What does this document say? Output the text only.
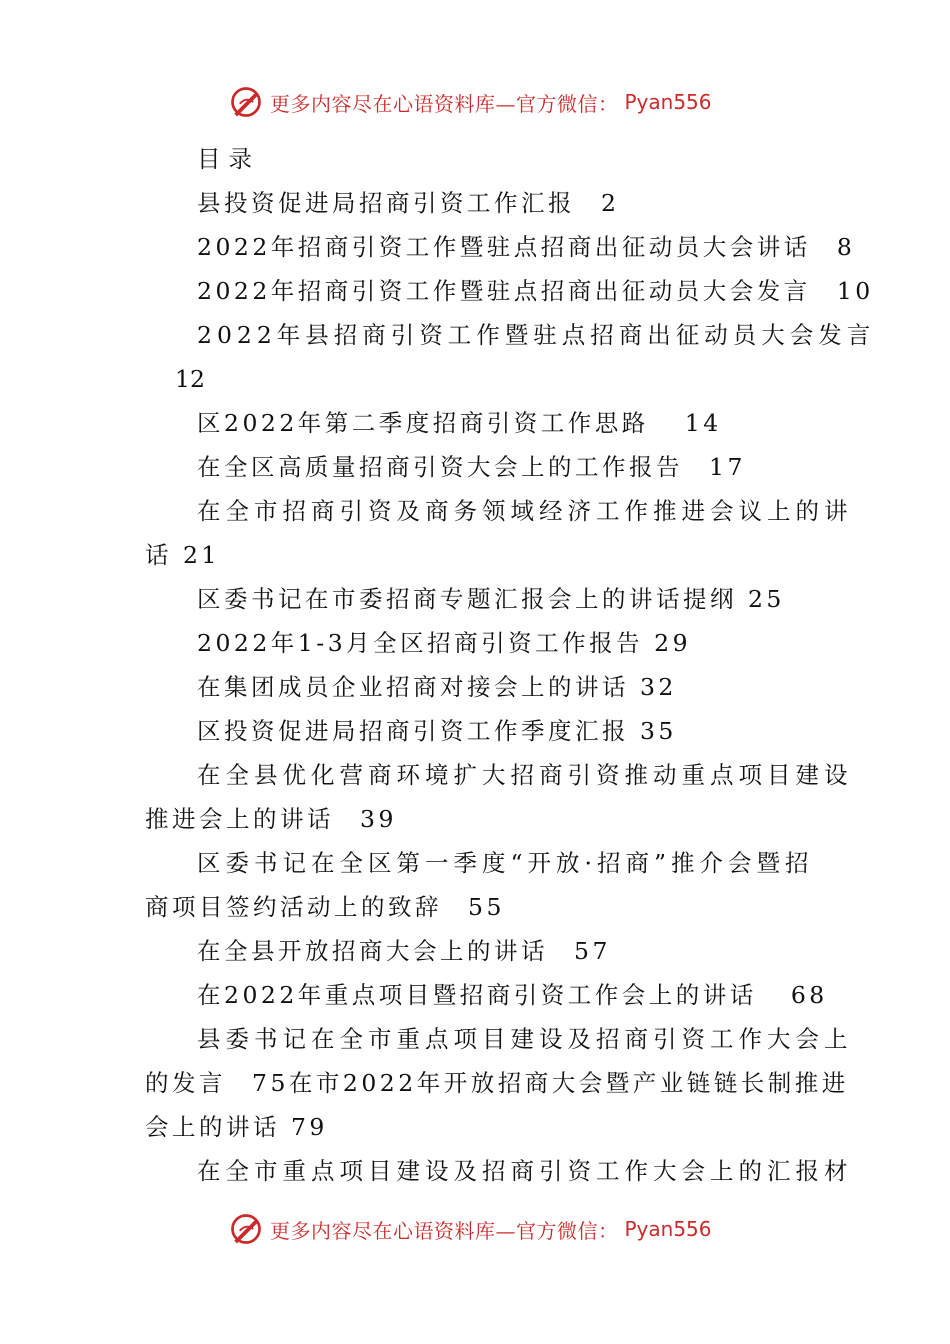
更多内容尽在心语资料库—官方微信： Pyan556
目录
县投资促进局招商引资工作汇报 2
2022年招商引资工作暨驻点招商出征动员大会讲话 8
2022年招商引资工作暨驻点招商出征动员大会发言 10
2022年县招商引资工作暨驻点招商出征动员大会发言
12
区2022年第二季度招商引资工作思路 14
在全区高质量招商引资大会上的工作报告 17
在全市招商引资及商务领域经济工作推进会议上的讲
话 21
区委书记在市委招商专题汇报会上的讲话提纲 25
2022年1-3月全区招商引资工作报告 29
在集团成员企业招商对接会上的讲话 32
区投资促进局招商引资工作季度汇报 35
在全县优化营商环境扩大招商引资推动重点项目建设
推进会上的讲话 39
区委书记在全区第一季度“开放·招商”推介会暨招
商项目签约活动上的致辞 55
在全县开放招商大会上的讲话 57
在2022年重点项目暨招商引资工作会上的讲话 68
县委书记在全市重点项目建设及招商引资工作大会上
的发言 75在市2022年开放招商大会暨产业链链长制推进
会上的讲话 79
在全市重点项目建设及招商引资工作大会上的汇报材
更多内容尽在心语资料库—官方微信： Pyan556
